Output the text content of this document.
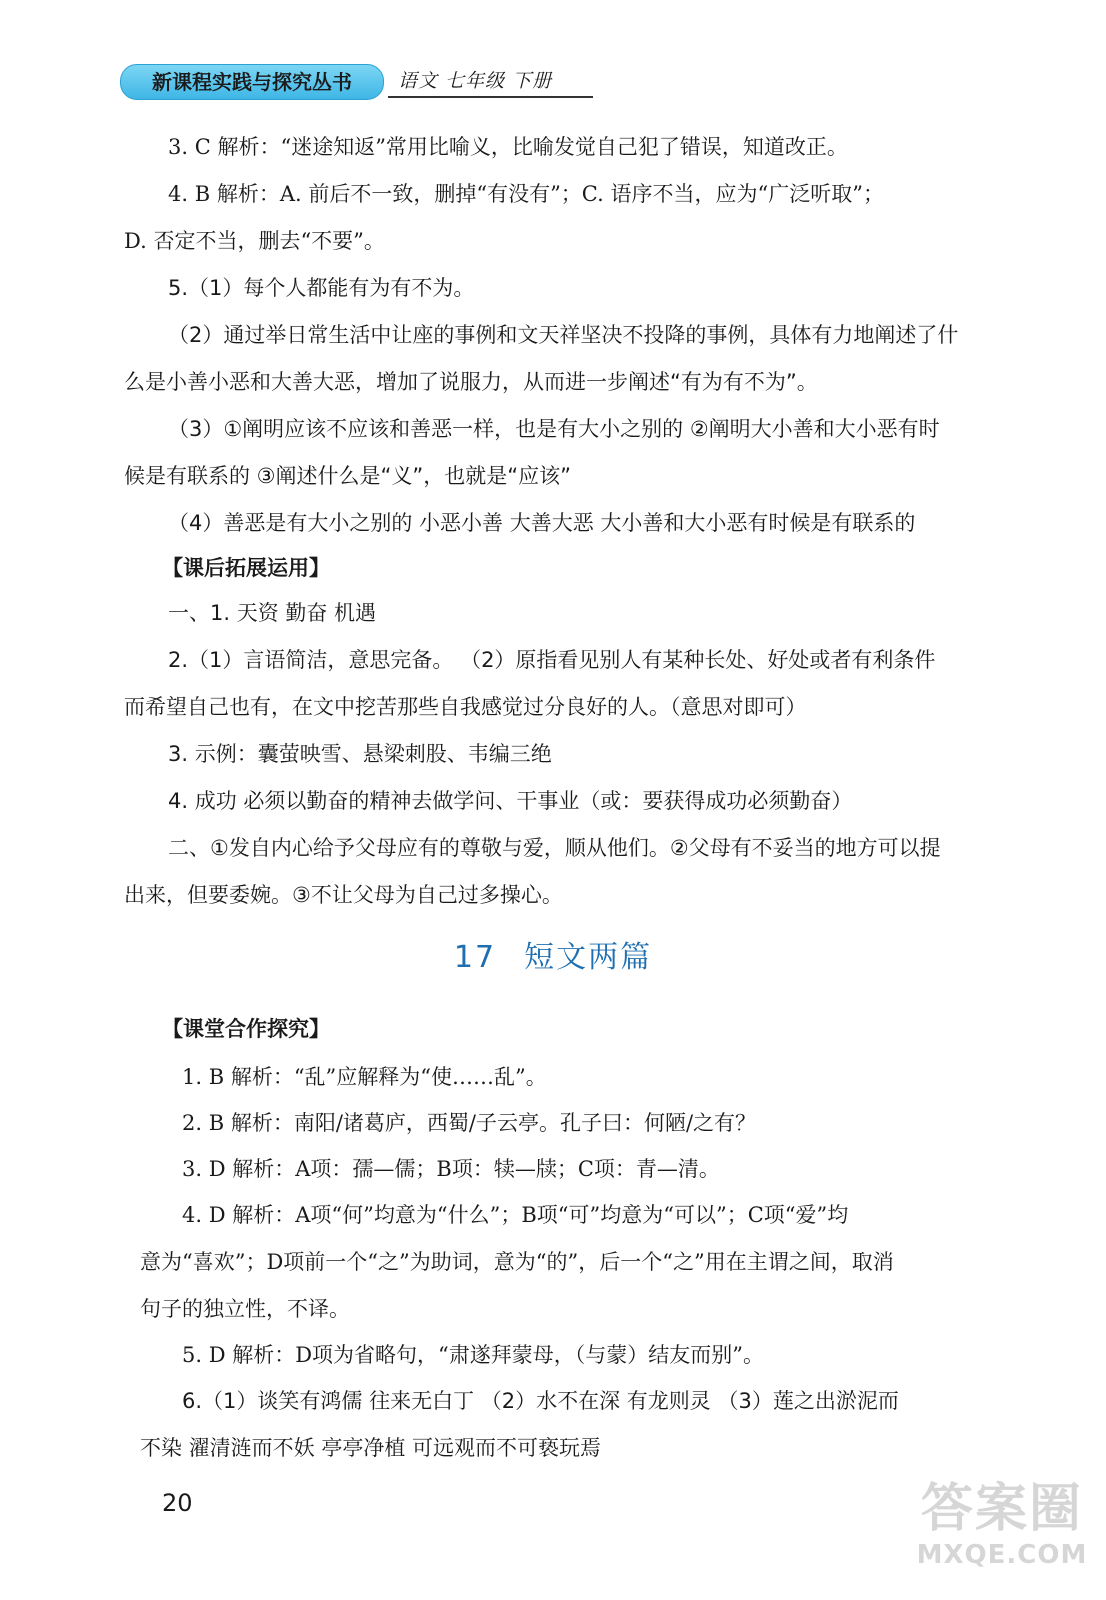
新课程实践与探究丛书	语文 七年级 下册
3. C 解析：“迷途知返”常用比喻义，比喻发觉自己犯了错误，知道改正。
4. B 解析：A. 前后不一致，删掉“有没有”；C. 语序不当，应为“广泛听取”；
D. 否定不当，删去“不要”。
5.（1）每个人都能有为有不为。
（2）通过举日常生活中让座的事例和文天祥坚决不投降的事例，具体有力地阐述了什
么是小善小恶和大善大恶，增加了说服力，从而进一步阐述“有为有不为”。
（3）①阐明应该不应该和善恶一样，也是有大小之别的 ②阐明大小善和大小恶有时
候是有联系的 ③阐述什么是“义”，也就是“应该”
（4）善恶是有大小之别的 小恶小善 大善大恶 大小善和大小恶有时候是有联系的
【课后拓展运用】
一、1. 天资 勤奋 机遇
2.（1）言语简洁，意思完备。 （2）原指看见别人有某种长处、好处或者有利条件
而希望自己也有，在文中挖苦那些自我感觉过分良好的人。（意思对即可）
3. 示例：囊萤映雪、悬梁刺股、韦编三绝
4. 成功 必须以勤奋的精神去做学问、干事业（或：要获得成功必须勤奋）
二、①发自内心给予父母应有的尊敬与爱，顺从他们。②父母有不妥当的地方可以提
出来，但要委婉。③不让父母为自己过多操心。
17 短文两篇
【课堂合作探究】
1. B 解析：“乱”应解释为“使……乱”。
2. B 解析：南阳/诸葛庐，西蜀/子云亭。孔子曰：何陋/之有？
3. D 解析：A项：孺—儒；B项：犊—牍；C项：青—清。
4. D 解析：A项“何”均意为“什么”；B项“可”均意为“可以”；C项“爱”均
意为“喜欢”；D项前一个“之”为助词，意为“的”，后一个“之”用在主谓之间，取消
句子的独立性，不译。
5. D 解析：D项为省略句，“肃遂拜蒙母，（与蒙）结友而别”。
6.（1）谈笑有鸿儒 往来无白丁 （2）水不在深 有龙则灵 （3）莲之出淤泥而
不染 濯清涟而不妖 亭亭净植 可远观而不可亵玩焉
20	答案圈
MXQE.COM
